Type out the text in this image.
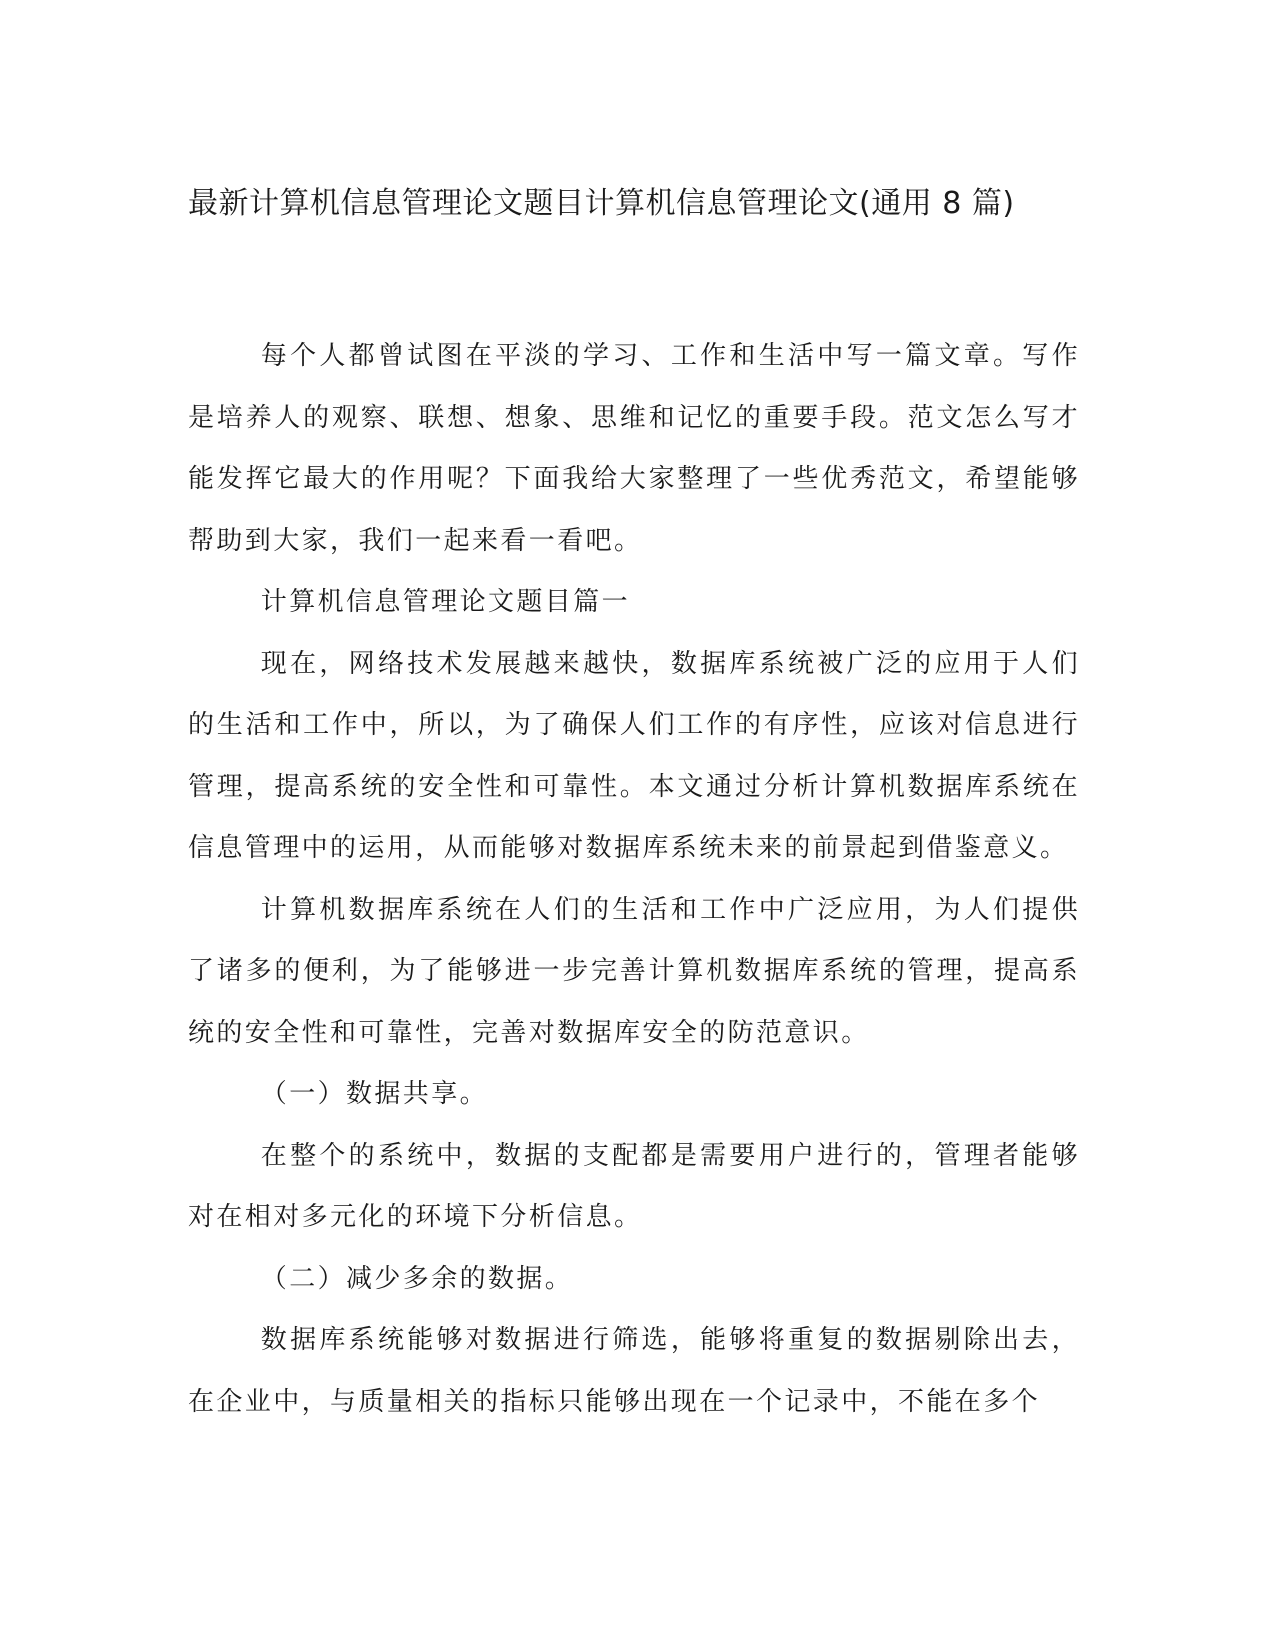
最新计算机信息管理论文题目计算机信息管理论文(通用 8 篇)

每个人都曾试图在平淡的学习、工作和生活中写一篇文章。写作是培养人的观察、联想、想象、思维和记忆的重要手段。范文怎么写才能发挥它最大的作用呢？下面我给大家整理了一些优秀范文，希望能够帮助到大家，我们一起来看一看吧。

计算机信息管理论文题目篇一

现在，网络技术发展越来越快，数据库系统被广泛的应用于人们的生活和工作中，所以，为了确保人们工作的有序性，应该对信息进行管理，提高系统的安全性和可靠性。本文通过分析计算机数据库系统在信息管理中的运用，从而能够对数据库系统未来的前景起到借鉴意义。

计算机数据库系统在人们的生活和工作中广泛应用，为人们提供了诸多的便利，为了能够进一步完善计算机数据库系统的管理，提高系统的安全性和可靠性，完善对数据库安全的防范意识。

（一）数据共享。

在整个的系统中，数据的支配都是需要用户进行的，管理者能够对在相对多元化的环境下分析信息。

（二）减少多余的数据。

数据库系统能够对数据进行筛选，能够将重复的数据剔除出去，在企业中，与质量相关的指标只能够出现在一个记录中，不能在多个
